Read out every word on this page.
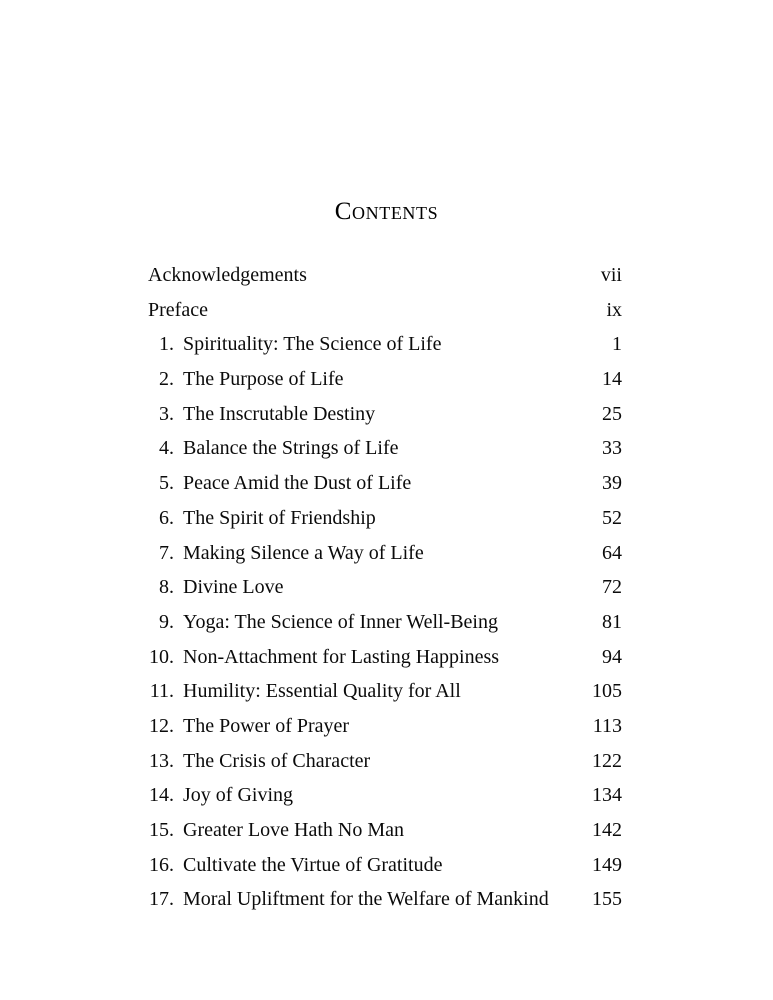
Contents
Acknowledgements	vii
Preface	ix
1. Spirituality: The Science of Life	1
2. The Purpose of Life	14
3. The Inscrutable Destiny	25
4. Balance the Strings of Life	33
5. Peace Amid the Dust of Life	39
6. The Spirit of Friendship	52
7. Making Silence a Way of Life	64
8. Divine Love	72
9. Yoga: The Science of Inner Well-Being	81
10. Non-Attachment for Lasting Happiness	94
11. Humility: Essential Quality for All	105
12. The Power of Prayer	113
13. The Crisis of Character	122
14. Joy of Giving	134
15. Greater Love Hath No Man	142
16. Cultivate the Virtue of Gratitude	149
17. Moral Upliftment for the Welfare of Mankind	155
